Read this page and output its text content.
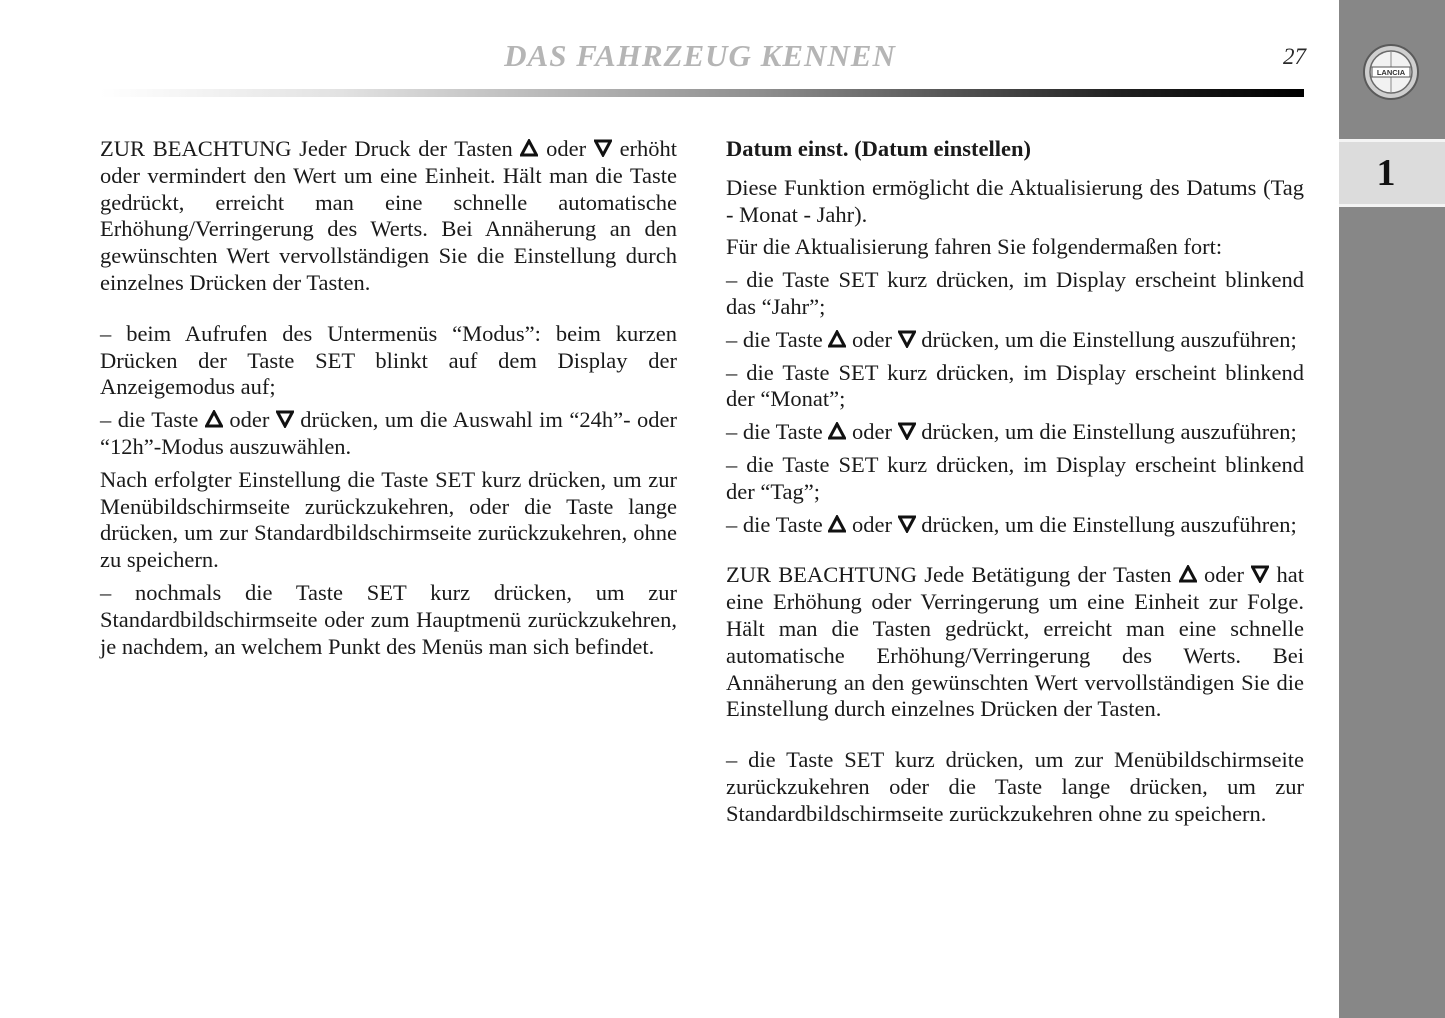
DAS FAHRZEUG KENNEN	27
LANCIA
1

ZUR BEACHTUNG Jeder Druck der Tasten oder erhöht oder vermindert den Wert um eine Einheit. Hält man die Taste gedrückt, erreicht man eine schnelle automatische Erhöhung/Verringerung des Werts. Bei Annäherung an den gewünschten Wert vervollständigen Sie die Einstellung durch einzelnes Drücken der Tasten.

– beim Aufrufen des Untermenüs “Modus”: beim kurzen Drücken der Taste SET blinkt auf dem Display der Anzeigemodus auf;

– die Taste oder drücken, um die Auswahl im “24h”- oder “12h”-Modus auszuwählen.

Nach erfolgter Einstellung die Taste SET kurz drücken, um zur Menübildschirmseite zurückzukehren, oder die Taste lange drücken, um zur Standardbildschirmseite zurückzukehren, ohne zu speichern.

– nochmals die Taste SET kurz drücken, um zur Standardbildschirmseite oder zum Hauptmenü zurückzukehren, je nachdem, an welchem Punkt des Menüs man sich befindet.

Datum einst. (Datum einstellen)

Diese Funktion ermöglicht die Aktualisierung des Datums (Tag - Monat - Jahr).

Für die Aktualisierung fahren Sie folgendermaßen fort:

– die Taste SET kurz drücken, im Display erscheint blinkend das “Jahr”;

– die Taste oder drücken, um die Einstellung auszuführen;

– die Taste SET kurz drücken, im Display erscheint blinkend der “Monat”;

– die Taste oder drücken, um die Einstellung auszuführen;

– die Taste SET kurz drücken, im Display erscheint blinkend der “Tag”;

– die Taste oder drücken, um die Einstellung auszuführen;

ZUR BEACHTUNG Jede Betätigung der Tasten oder hat eine Erhöhung oder Verringerung um eine Einheit zur Folge. Hält man die Tasten gedrückt, erreicht man eine schnelle automatische Erhöhung/Verringerung des Werts. Bei Annäherung an den gewünschten Wert vervollständigen Sie die Einstellung durch einzelnes Drücken der Tasten.

– die Taste SET kurz drücken, um zur Menübildschirmseite zurückzukehren oder die Taste lange drücken, um zur Standardbildschirmseite zurückzukehren ohne zu speichern.
